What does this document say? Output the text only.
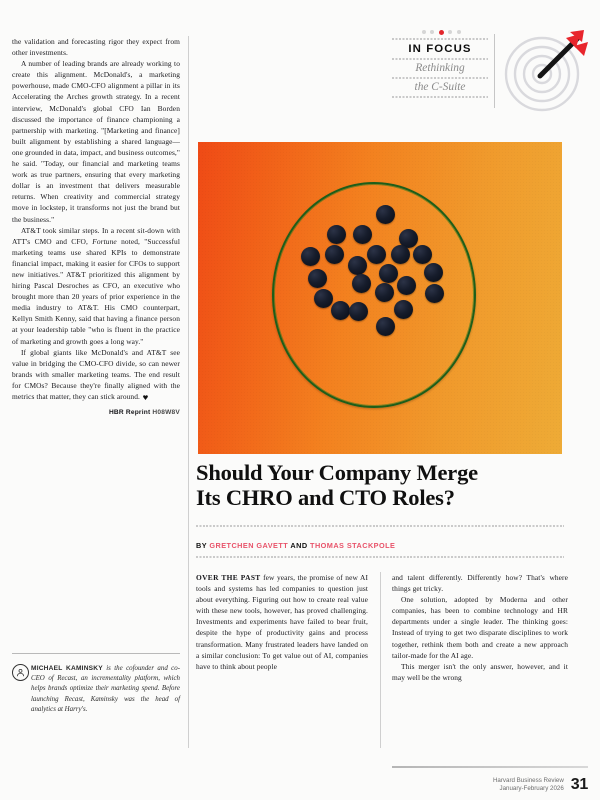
the validation and forecasting rigor they expect from other investments.

A number of leading brands are already working to create this alignment. McDonald's, a marketing powerhouse, made CMO-CFO alignment a pillar in its Accelerating the Arches growth strategy. In a recent interview, McDonald's global CFO Ian Borden discussed the importance of finance championing a partnership with marketing. "[Marketing and finance] built alignment by establishing a shared language—one grounded in data, impact, and business outcomes," he said. "Today, our financial and marketing teams work as true partners, ensuring that every marketing dollar is an investment that delivers measurable returns. When creativity and commercial strategy move in lockstep, it transforms not just the brand but the business."

AT&T took similar steps. In a recent sit-down with ATT's CMO and CFO, Fortune noted, "Successful marketing teams use shared KPIs to demonstrate financial impact, making it easier for CFOs to support new initiatives." AT&T prioritized this alignment by hiring Pascal Desroches as CFO, an executive who brought more than 20 years of prior experience in the media industry to AT&T. His CMO counterpart, Kellyn Smith Kenny, said that having a finance person at your leadership table "who is fluent in the practice of marketing and growth goes a long way."

If global giants like McDonald's and AT&T see value in bridging the CMO-CFO divide, so can newer brands with smaller marketing teams. The end result for CMOs? Because they're finally aligned with the metrics that matter, they can stick around.

HBR Reprint H08W8V
MICHAEL KAMINSKY is the cofounder and co-CEO of Recast, an incrementality platform, which helps brands optimize their marketing spend. Before launching Recast, Kaminsky was the head of analytics at Harry's.
IN FOCUS
Rethinking
the C-Suite
Should Your Company Merge
Its CHRO and CTO Roles?
BY GRETCHEN GAVETT AND THOMAS STACKPOLE

OVER THE PAST few years, the promise of new AI tools and systems has led companies to question just about everything. Figuring out how to create real value with these new tools, however, has proved challenging. Investments and experiments have failed to bear fruit, despite the hype of productivity gains and process transformation. Many frustrated leaders have landed on a similar conclusion: To get value out of AI, companies have to think about people

and talent differently. Differently how? That's where things get tricky.

One solution, adopted by Moderna and other companies, has been to combine technology and HR departments under a single leader. The thinking goes: Instead of trying to get two disparate disciplines to work together, rethink them both and create a new approach tailor-made for the AI age.

This merger isn't the only answer, however, and it may well be the wrong

Harvard Business Review
January-February 2026 31
